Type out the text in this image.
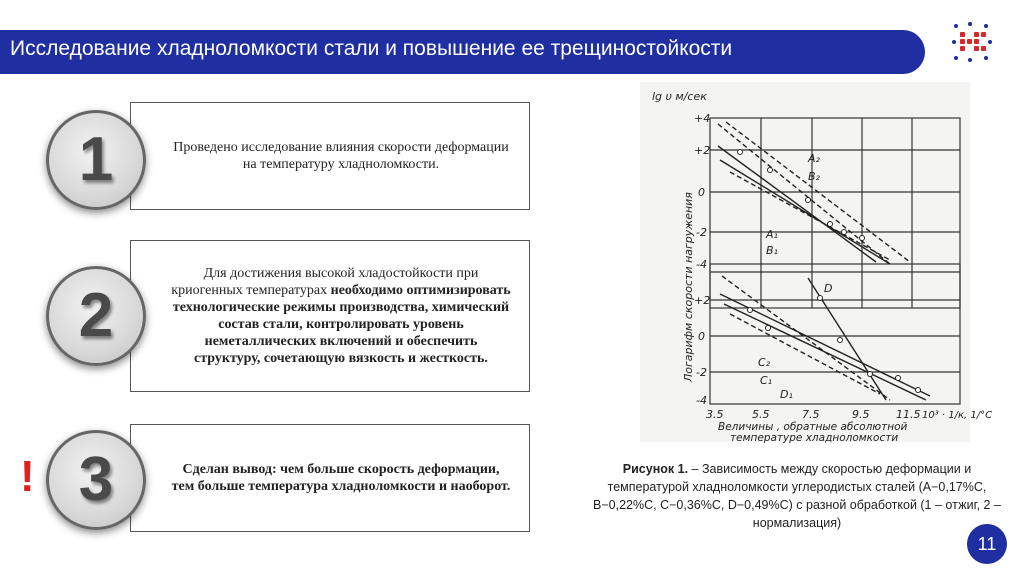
Исследование хладноломкости стали и повышение ее трещиностойкости
Проведено исследование влияния скорости деформации на температуру хладноломкости.
1
Для достижения высокой хладостойкости при криогенных температурах необходимо оптимизировать технологические режимы производства, химический состав стали, контролировать уровень неметаллических включений и обеспечить структуру, сочетающую вязкость и жесткость.
2
Сделан вывод: чем больше скорость деформации, тем больше температура хладноломкости и наоборот.
3
!
lg υ м/сек
Логарифм скорости нагружения
+4
+2
0
-2
-4
+2
0
-2
-4
3.5	5.5	7.5	9.5 11.5 10³ · 1/к, 1/°C
Величины , обратные абсолютной
температуре хладноломкости
A₂
B₂
A₁
B₁
D
C₂
C₁
D₁
Рисунок 1. – Зависимость между скоростью деформации и температурой хладноломкости углеродистых сталей (A−0,17%C, B−0,22%C, C−0,36%C, D−0,49%C) с разной обработкой (1 – отжиг, 2 – нормализация)
11
